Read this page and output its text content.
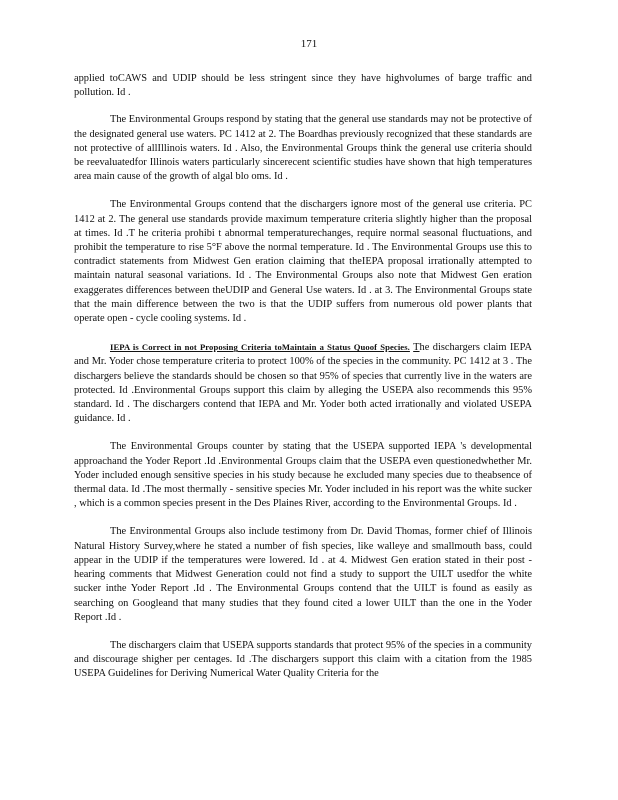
171

applied toCAWS and UDIP should be less stringent since they have highvolumes of barge traffic and pollution. Id .

The Environmental Groups respond by stating that the general use standards may not be protective of the designated general use waters. PC 1412 at 2. The Boardhas previously recognized that these standards are not protective of allIllinois waters. Id . Also, the Environmental Groups think the general use criteria should be reevaluatedfor Illinois waters particularly sincerecent scientific studies have shown that high temperatures area main cause of the growth of algal blo oms. Id .

The Environmental Groups contend that the dischargers ignore most of the general use criteria. PC 1412 at 2. The general use standards provide maximum temperature criteria slightly higher than the proposal at times. Id .T he criteria prohibi t abnormal temperaturechanges, require normal seasonal fluctuations, and prohibit the temperature to rise 5°F above the normal temperature. Id . The Environmental Groups use this to contradict statements from Midwest Gen eration claiming that theIEPA proposal irrationally attempted to maintain natural seasonal variations. Id . The Environmental Groups also note that Midwest Gen eration exaggerates differences between theUDIP and General Use waters. Id . at 3. The Environmental Groups state that the main difference between the two is that the UDIP suffers from numerous old power plants that operate open - cycle cooling systems. Id .

IEPA is Correct in not Proposing Criteria toMaintain a Status Quoof Species. The dischargers claim IEPA and Mr. Yoder chose temperature criteria to protect 100% of the species in the community. PC 1412 at 3 . The dischargers believe the standards should be chosen so that 95% of species that currently live in the waters are protected. Id .Environmental Groups support this claim by alleging the USEPA also recommends this 95% standard. Id . The dischargers contend that IEPA and Mr. Yoder both acted irrationally and violated USEPA guidance. Id .

The Environmental Groups counter by stating that the USEPA supported IEPA 's developmental approachand the Yoder Report .Id .Environmental Groups claim that the USEPA even questionedwhether Mr. Yoder included enough sensitive species in his study because he excluded many species due to theabsence of thermal data. Id .The most thermally - sensitive species Mr. Yoder included in his report was the white sucker , which is a common species present in the Des Plaines River, according to the Environmental Groups. Id .

The Environmental Groups also include testimony from Dr. David Thomas, former chief of Illinois Natural History Survey,where he stated a number of fish species, like walleye and smallmouth bass, could appear in the UDIP if the temperatures were lowered. Id . at 4. Midwest Gen eration stated in their post - hearing comments that Midwest Generation could not find a study to support the UILT usedfor the white sucker inthe Yoder Report .Id . The Environmental Groups contend that the UILT is found as easily as searching on Googleand that many studies that they found cited a lower UILT than the one in the Yoder Report .Id .

The dischargers claim that USEPA supports standards that protect 95% of the species in a community and discourage shigher per centages. Id .The dischargers support this claim with a citation from the 1985 USEPA Guidelines for Deriving Numerical Water Quality Criteria for the
